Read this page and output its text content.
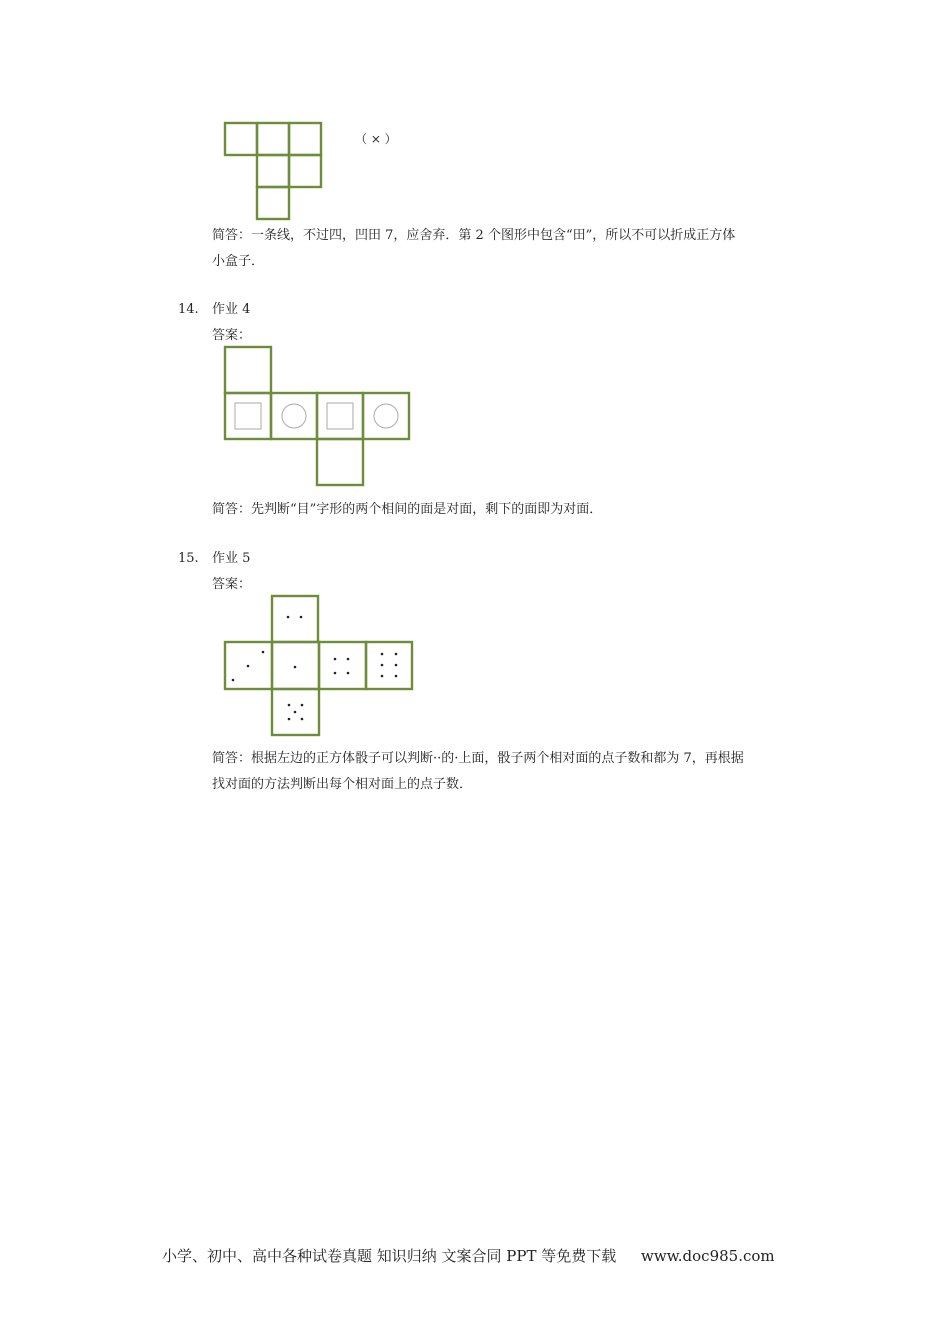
（ × ）
简答：一条线，不过四，凹田 7，应舍弃．第 2 个图形中包含“田”，所以不可以折成正方体
小盒子．
14. 作业 4
答案：
简答：先判断“目”字形的两个相间的面是对面，剩下的面即为对面．
15. 作业 5
答案：
简答：根据左边的正方体骰子可以判断··的·上面，骰子两个相对面的点子数和都为 7，再根据
找对面的方法判断出每个相对面上的点子数．
小学、初中、高中各种试卷真题 知识归纳 文案合同 PPT 等免费下载 www.doc985.com
